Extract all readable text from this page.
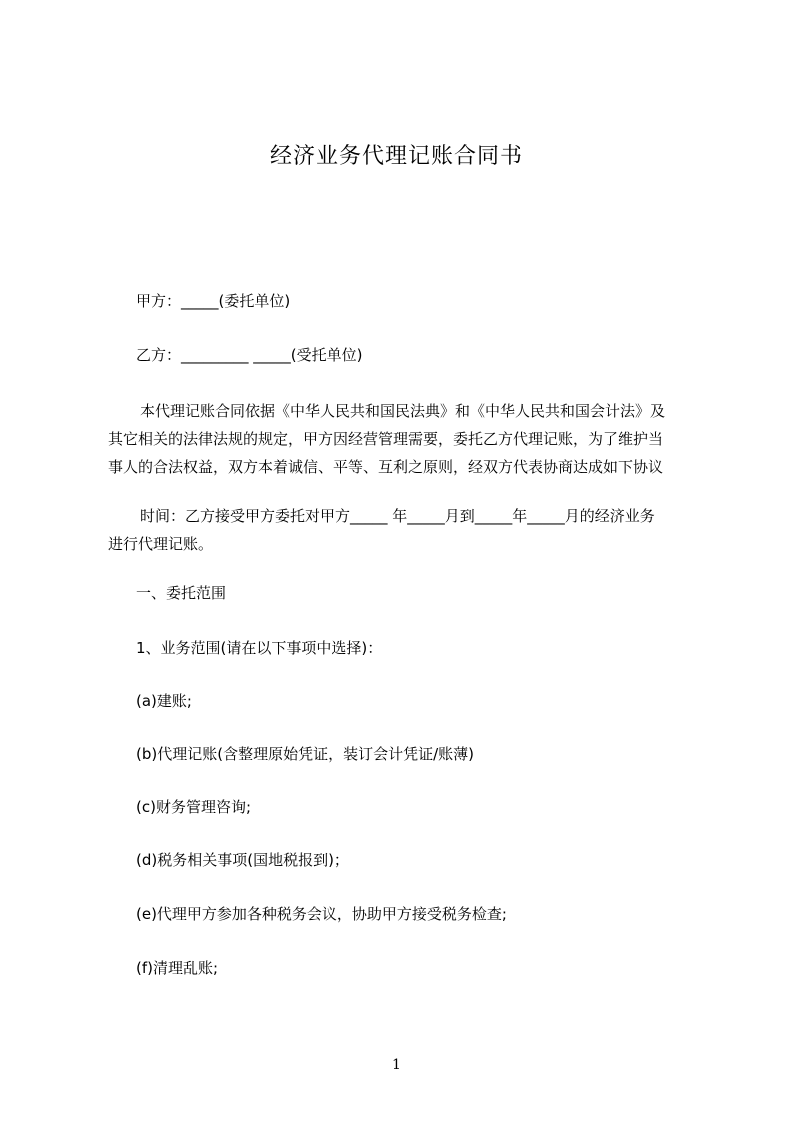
经济业务代理记账合同书
甲方：_____(委托单位)
乙方：_________ _____(受托单位)
本代理记账合同依据《中华人民共和国民法典》和《中华人民共和国会计法》及
其它相关的法律法规的规定，甲方因经营管理需要，委托乙方代理记账，为了维护当
事人的合法权益，双方本着诚信、平等、互利之原则，经双方代表协商达成如下协议
时间：乙方接受甲方委托对甲方_____ 年_____月到_____年_____月的经济业务
进行代理记账。
一、委托范围
1、业务范围(请在以下事项中选择)：
(a)建账;
(b)代理记账(含整理原始凭证，装订会计凭证/账薄)
(c)财务管理咨询;
(d)税务相关事项(国地税报到)；
(e)代理甲方参加各种税务会议，协助甲方接受税务检查;
(f)清理乱账;
1
